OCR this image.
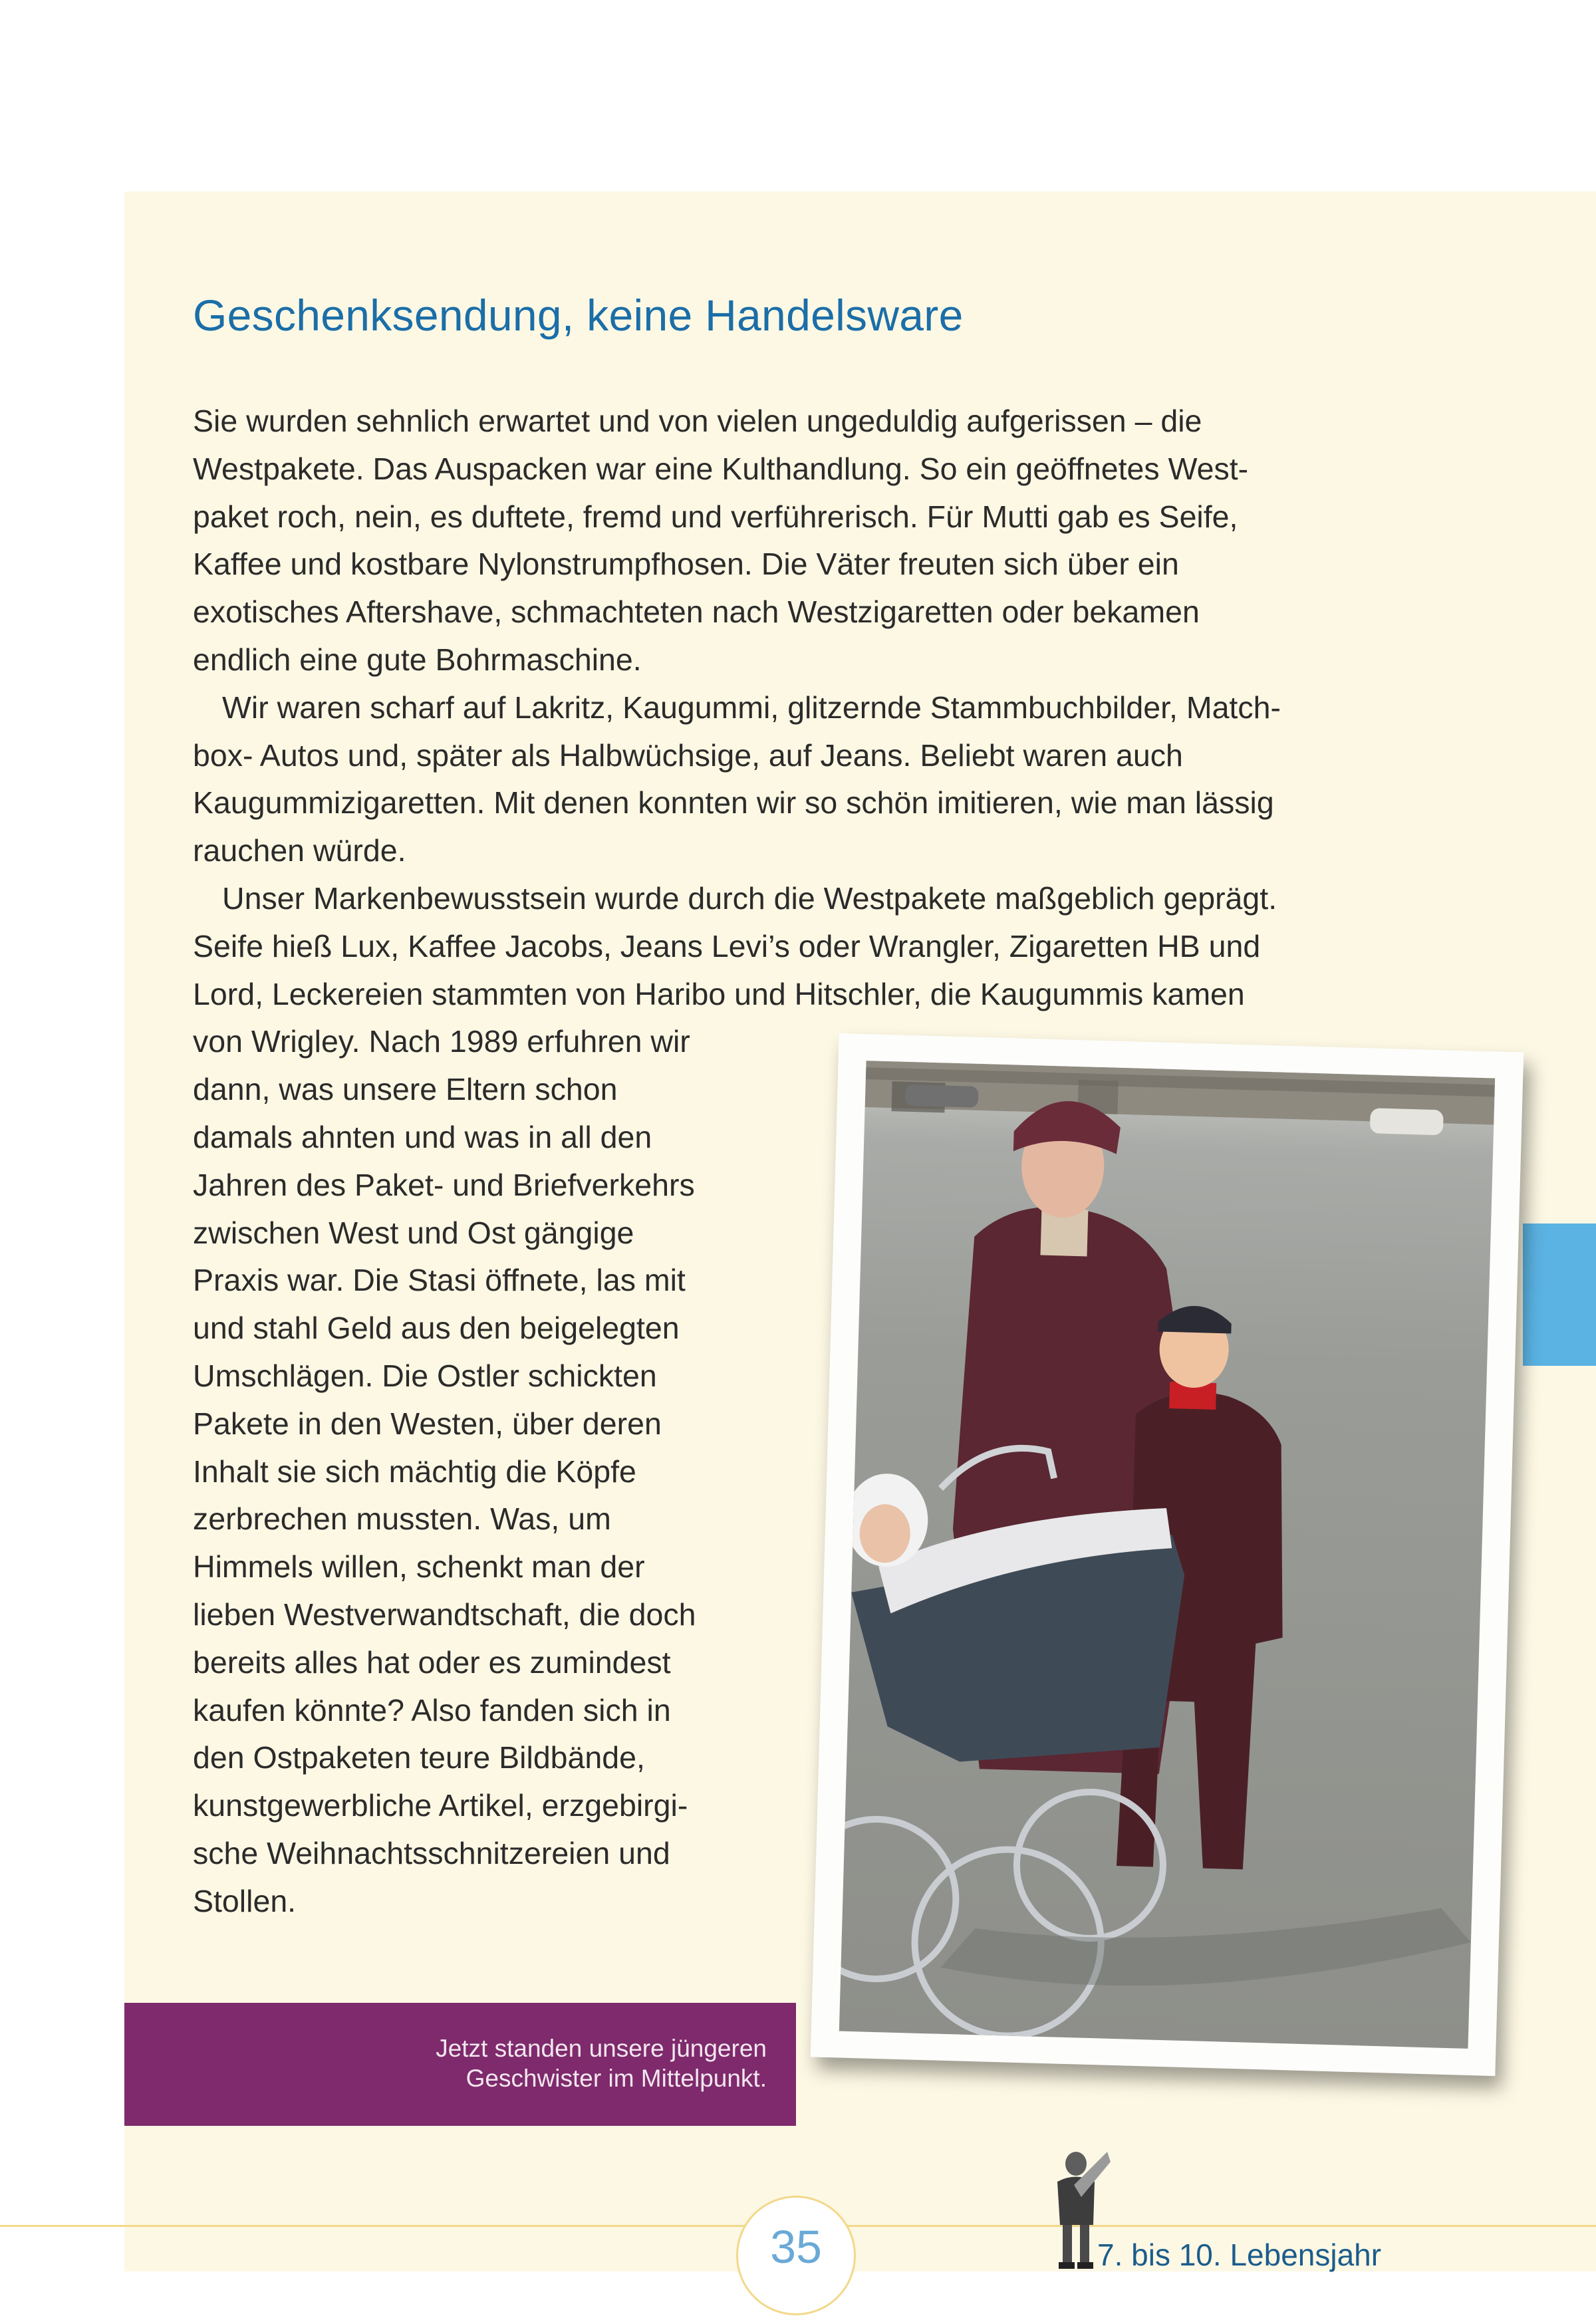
Geschenksendung, keine Handelsware
Sie wurden sehnlich erwartet und von vielen ungeduldig aufgerissen – die
Westpakete. Das Auspacken war eine Kulthandlung. So ein geöffnetes West-
paket roch, nein, es duftete, fremd und verführerisch. Für Mutti gab es Seife,
Kaffee und kostbare Nylonstrumpfhosen. Die Väter freuten sich über ein
exotisches Aftershave, schmachteten nach Westzigaretten oder bekamen
endlich eine gute Bohrmaschine.
Wir waren scharf auf Lakritz, Kaugummi, glitzernde Stammbuchbilder, Match-
box- Autos und, später als Halbwüchsige, auf Jeans. Beliebt waren auch
Kaugummizigaretten. Mit denen konnten wir so schön imitieren, wie man lässig
rauchen würde.
Unser Markenbewusstsein wurde durch die Westpakete maßgeblich geprägt.
Seife hieß Lux, Kaffee Jacobs, Jeans Levi’s oder Wrangler, Zigaretten HB und
Lord, Leckereien stammten von Haribo und Hitschler, die Kaugummis kamen
von Wrigley. Nach 1989 erfuhren wir
dann, was unsere Eltern schon
damals ahnten und was in all den
Jahren des Paket- und Briefverkehrs
zwischen West und Ost gängige
Praxis war. Die Stasi öffnete, las mit
und stahl Geld aus den beigelegten
Umschlägen. Die Ostler schickten
Pakete in den Westen, über deren
Inhalt sie sich mächtig die Köpfe
zerbrechen mussten. Was, um
Himmels willen, schenkt man der
lieben Westverwandtschaft, die doch
bereits alles hat oder es zumindest
kaufen könnte? Also fanden sich in
den Ostpaketen teure Bildbände,
kunstgewerbliche Artikel, erzgebirgi-
sche Weihnachtsschnitzereien und
Stollen.
Jetzt standen unsere jüngeren
Geschwister im Mittelpunkt.
35	7. bis 10. Lebensjahr
